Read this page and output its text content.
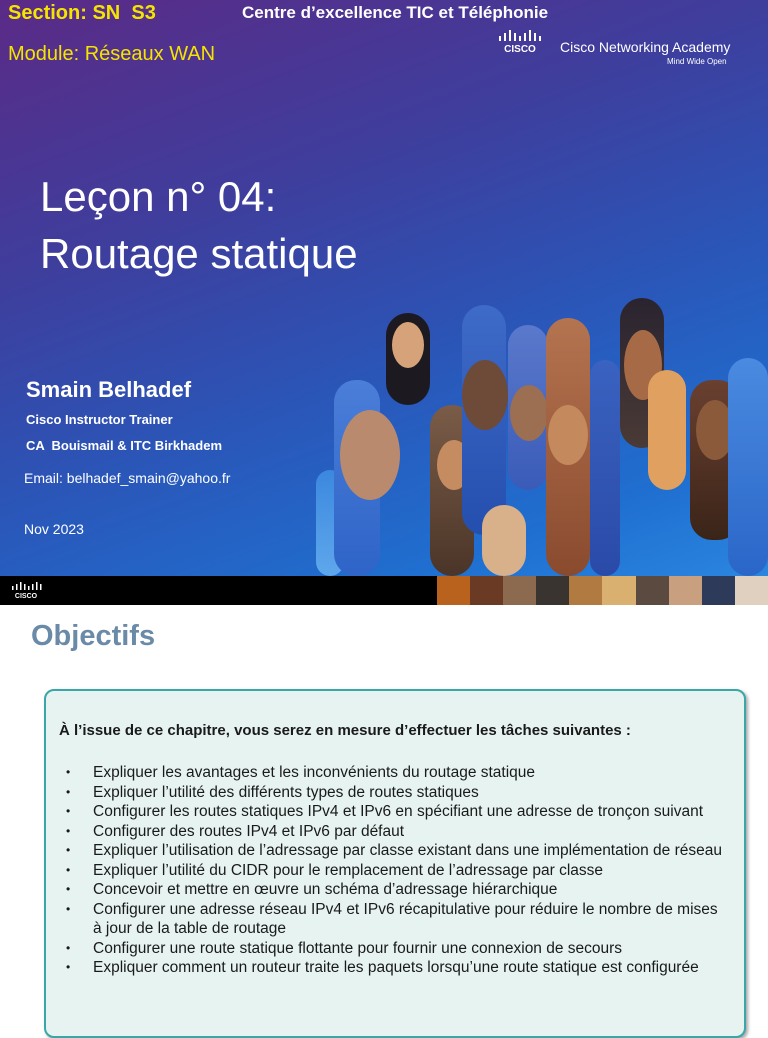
Section: SN  S3
Module: Réseaux WAN
Centre d’excellence TIC et Téléphonie
CISCO Cisco Networking Academy
Mind Wide Open
Leçon n° 04:
Routage statique
Smain Belhadef
Cisco Instructor Trainer
CA  Bouismail & ITC Birkhadem
Email: belhadef_smain@yahoo.fr
Nov 2023
CISCO
Objectifs
À l’issue de ce chapitre, vous serez en mesure d’effectuer les tâches suivantes :
• Expliquer les avantages et les inconvénients du routage statique
• Expliquer l’utilité des différents types de routes statiques
• Configurer les routes statiques IPv4 et IPv6 en spécifiant une adresse de tronçon suivant
• Configurer des routes IPv4 et IPv6 par défaut
• Expliquer l’utilisation de l’adressage par classe existant dans une implémentation de réseau
• Expliquer l’utilité du CIDR pour le remplacement de l’adressage par classe
• Concevoir et mettre en œuvre un schéma d’adressage hiérarchique
• Configurer une adresse réseau IPv4 et IPv6 récapitulative pour réduire le nombre de mises à jour de la table de routage
• Configurer une route statique flottante pour fournir une connexion de secours
• Expliquer comment un routeur traite les paquets lorsqu’une route statique est configurée
